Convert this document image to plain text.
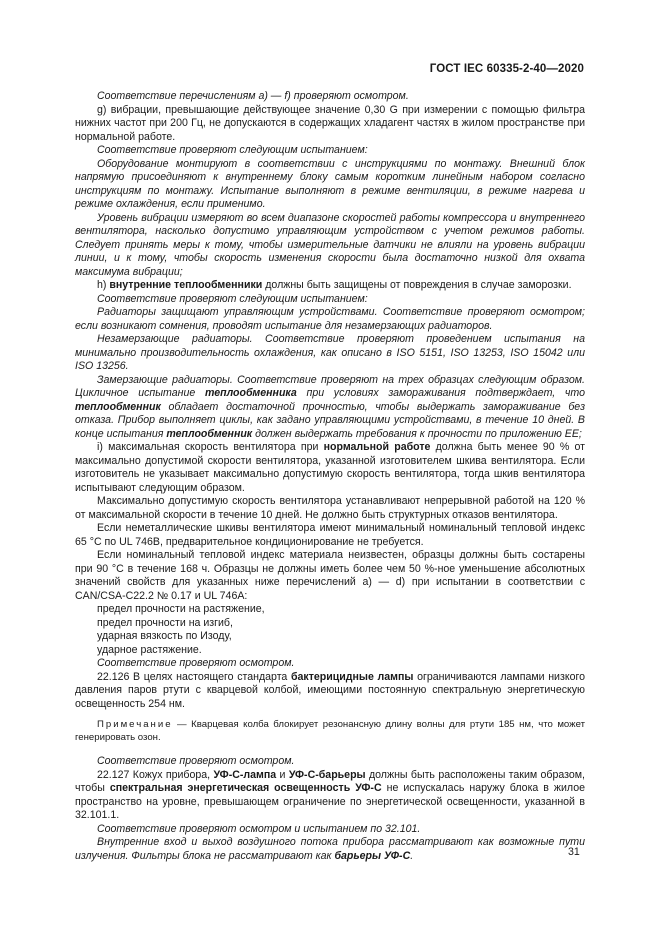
ГОСТ IEC 60335-2-40—2020

Соответствие перечислениям а) — f) проверяют осмотром.

g) вибрации, превышающие действующее значение 0,30 G при измерении с помощью фильтра нижних частот при 200 Гц, не допускаются в содержащих хладагент частях в жилом пространстве при нормальной работе.

Соответствие проверяют следующим испытанием:

Оборудование монтируют в соответствии с инструкциями по монтажу. Внешний блок напрямую присоединяют к внутреннему блоку самым коротким линейным набором согласно инструкциям по монтажу. Испытание выполняют в режиме вентиляции, в режиме нагрева и режиме охлаждения, если применимо.

Уровень вибрации измеряют во всем диапазоне скоростей работы компрессора и внутреннего вентилятора, насколько допустимо управляющим устройством с учетом режимов работы. Следует принять меры к тому, чтобы измерительные датчики не влияли на уровень вибрации линии, и к тому, чтобы скорость изменения скорости была достаточно низкой для охвата максимума вибрации;

h) внутренние теплообменники должны быть защищены от повреждения в случае заморозки.

Соответствие проверяют следующим испытанием:

Радиаторы защищают управляющим устройствами. Соответствие проверяют осмотром; если возникают сомнения, проводят испытание для незамерзающих радиаторов.

Незамерзающие радиаторы. Соответствие проверяют проведением испытания на минимально производительность охлаждения, как описано в ISO 5151, ISO 13253, ISO 15042 или ISO 13256.

Замерзающие радиаторы. Соответствие проверяют на трех образцах следующим образом. Цикличное испытание теплообменника при условиях замораживания подтверждает, что теплообменник обладает достаточной прочностью, чтобы выдержать замораживание без отказа. Прибор выполняет циклы, как задано управляющими устройствами, в течение 10 дней. В конце испытания теплообменник должен выдержать требования к прочности по приложению ЕЕ;

i) максимальная скорость вентилятора при нормальной работе должна быть менее 90 % от максимально допустимой скорости вентилятора, указанной изготовителем шкива вентилятора. Если изготовитель не указывает максимально допустимую скорость вентилятора, тогда шкив вентилятора испытывают следующим образом.

Максимально допустимую скорость вентилятора устанавливают непрерывной работой на 120 % от максимальной скорости в течение 10 дней. Не должно быть структурных отказов вентилятора.

Если неметаллические шкивы вентилятора имеют минимальный номинальный тепловой индекс 65 °C по UL 746B, предварительное кондиционирование не требуется.

Если номинальный тепловой индекс материала неизвестен, образцы должны быть состарены при 90 °C в течение 168 ч. Образцы не должны иметь более чем 50 %-ное уменьшение абсолютных значений свойств для указанных ниже перечислений а) — d) при испытании в соответствии с CAN/CSA-C22.2 № 0.17 и UL 746A:

предел прочности на растяжение,

предел прочности на изгиб,

ударная вязкость по Изоду,

ударное растяжение.

Соответствие проверяют осмотром.

22.126 В целях настоящего стандарта бактерицидные лампы ограничиваются лампами низкого давления паров ртути с кварцевой колбой, имеющими постоянную спектральную энергетическую освещенность 254 нм.

Примечание — Кварцевая колба блокирует резонансную длину волны для ртути 185 нм, что может генерировать озон.

Соответствие проверяют осмотром.

22.127 Кожух прибора, УФ-С-лампа и УФ-С-барьеры должны быть расположены таким образом, чтобы спектральная энергетическая освещенность УФ-С не испускалась наружу блока в жилое пространство на уровне, превышающем ограничение по энергетической освещенности, указанной в 32.101.1.

Соответствие проверяют осмотром и испытанием по 32.101.

Внутренние вход и выход воздушного потока прибора рассматривают как возможные пути излучения. Фильтры блока не рассматривают как барьеры УФ-С.	31
